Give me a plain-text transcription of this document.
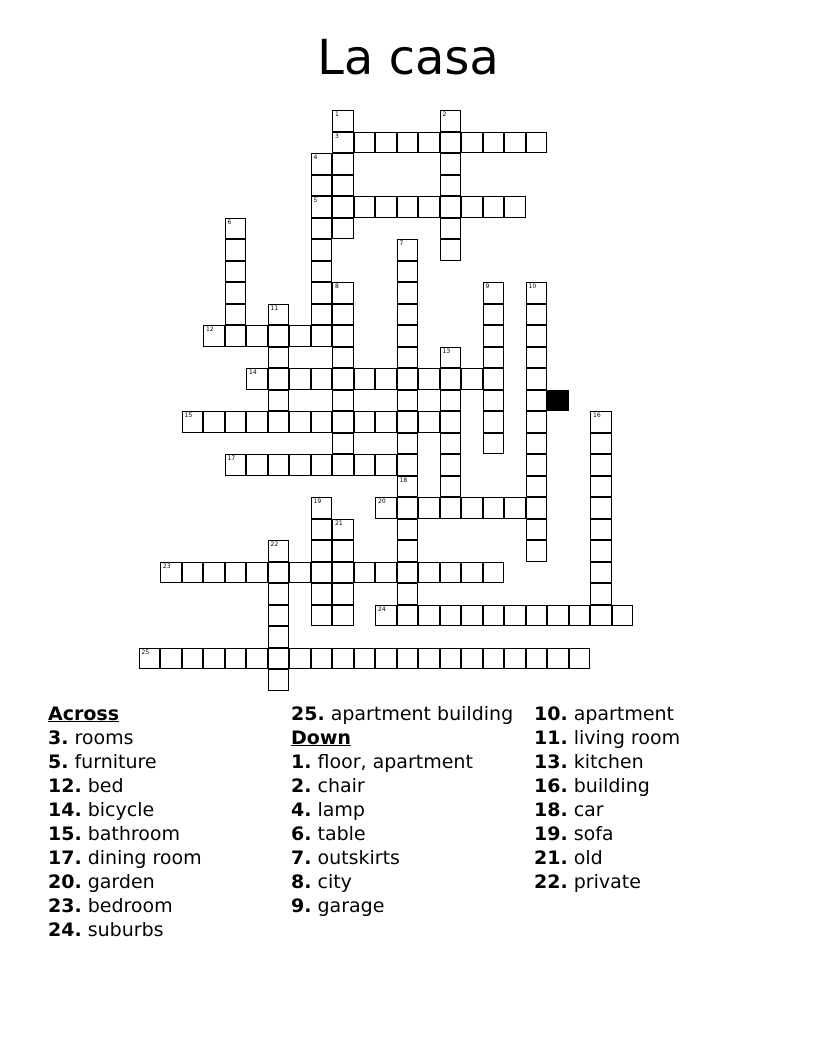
La casa
1
3
2
4
5
6
7
8	9	10
11
12
13
14
15	16
17
18
19	20
21
22
23
24
25

Across

3. rooms

5. furniture

12. bed

14. bicycle

15. bathroom

17. dining room

20. garden

23. bedroom

24. suburbs

25. apartment building

Down

1. floor, apartment

2. chair

4. lamp

6. table

7. outskirts

8. city

9. garage

10. apartment

11. living room

13. kitchen

16. building

18. car

19. sofa

21. old

22. private
